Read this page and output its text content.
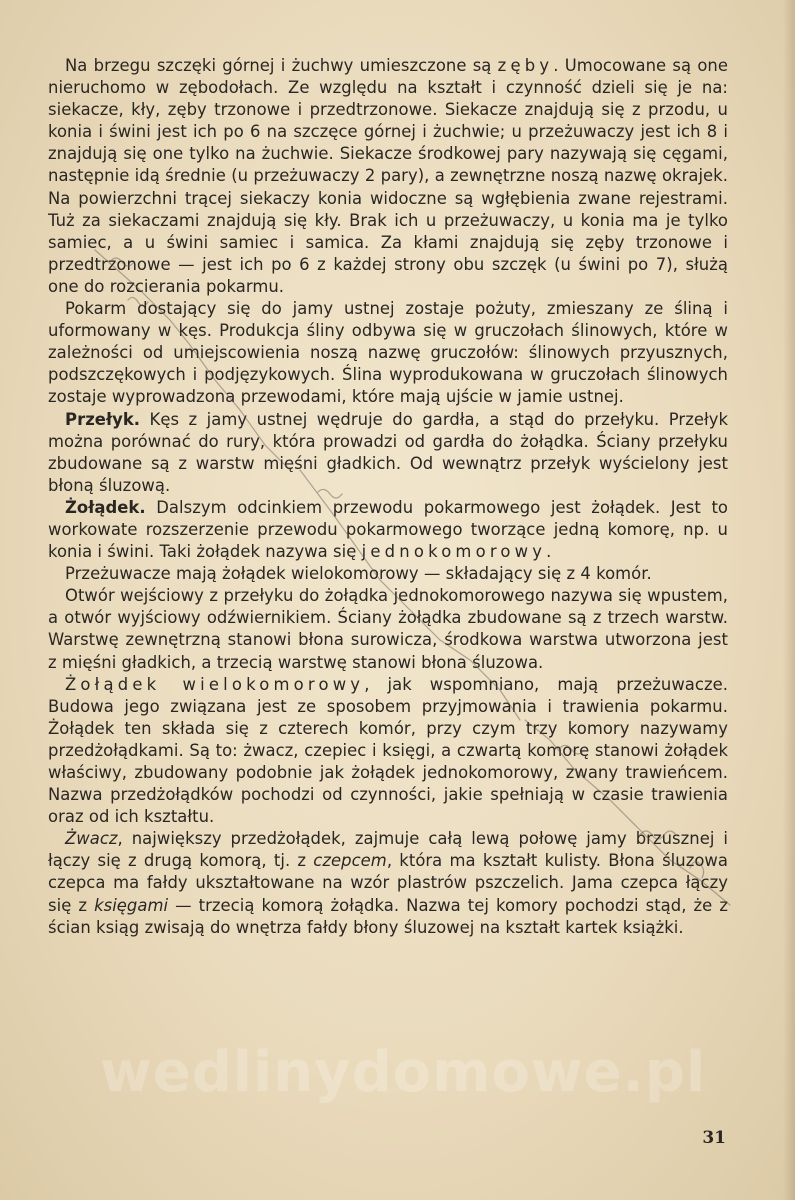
Na brzegu szczęki górnej i żuchwy umieszczone są zęby. Umocowane są one nieruchomo w zębodołach. Ze względu na kształt i czynność dzieli się je na: siekacze, kły, zęby trzonowe i przedtrzonowe. Siekacze znajdują się z przodu, u konia i świni jest ich po 6 na szczęce górnej i żuchwie; u przeżuwaczy jest ich 8 i znajdują się one tylko na żuchwie. Siekacze środkowej pary nazywają się cęgami, następnie idą średnie (u przeżuwaczy 2 pary), a zewnętrzne noszą nazwę okrajek. Na powierzchni trącej siekaczy konia widoczne są wgłębienia zwane rejestrami. Tuż za siekaczami znajdują się kły. Brak ich u przeżuwaczy, u konia ma je tylko samiec, a u świni samiec i samica. Za kłami znajdują się zęby trzonowe i przedtrzonowe — jest ich po 6 z każdej strony obu szczęk (u świni po 7), służą one do rozcierania pokarmu.

Pokarm dostający się do jamy ustnej zostaje pożuty, zmieszany ze śliną i uformowany w kęs. Produkcja śliny odbywa się w gruczołach ślinowych, które w zależności od umiejscowienia noszą nazwę gruczołów: ślinowych przyusznych, podszczękowych i podjęzykowych. Ślina wyprodukowana w gruczołach ślinowych zostaje wyprowadzona przewodami, które mają ujście w jamie ustnej.

Przełyk. Kęs z jamy ustnej wędruje do gardła, a stąd do przełyku. Przełyk można porównać do rury, która prowadzi od gardła do żołądka. Ściany przełyku zbudowane są z warstw mięśni gładkich. Od wewnątrz przełyk wyścielony jest błoną śluzową.

Żołądek. Dalszym odcinkiem przewodu pokarmowego jest żołądek. Jest to workowate rozszerzenie przewodu pokarmowego tworzące jedną komorę, np. u konia i świni. Taki żołądek nazywa się jednokomorowy.

Przeżuwacze mają żołądek wielokomorowy — składający się z 4 komór.

Otwór wejściowy z przełyku do żołądka jednokomorowego nazywa się wpustem, a otwór wyjściowy odźwiernikiem. Ściany żołądka zbudowane są z trzech warstw. Warstwę zewnętrzną stanowi błona surowicza, środkowa warstwa utworzona jest z mięśni gładkich, a trzecią warstwę stanowi błona śluzowa.

Żołądek wielokomorowy, jak wspomniano, mają przeżuwacze. Budowa jego związana jest ze sposobem przyjmowania i trawienia pokarmu. Żołądek ten składa się z czterech komór, przy czym trzy komory nazywamy przedżołądkami. Są to: żwacz, czepiec i księgi, a czwartą komorę stanowi żołądek właściwy, zbudowany podobnie jak żołądek jednokomorowy, zwany trawieńcem. Nazwa przedżołądków pochodzi od czynności, jakie spełniają w czasie trawienia oraz od ich kształtu.

Żwacz, największy przedżołądek, zajmuje całą lewą połowę jamy brzusznej i łączy się z drugą komorą, tj. z czepcem, która ma kształt kulisty. Błona śluzowa czepca ma fałdy ukształtowane na wzór plastrów pszczelich. Jama czepca łączy się z księgami — trzecią komorą żołądka. Nazwa tej komory pochodzi stąd, że z ścian ksiąg zwisają do wnętrza fałdy błony śluzowej na kształt kartek książki.

wedlinydomowe.pl
31
